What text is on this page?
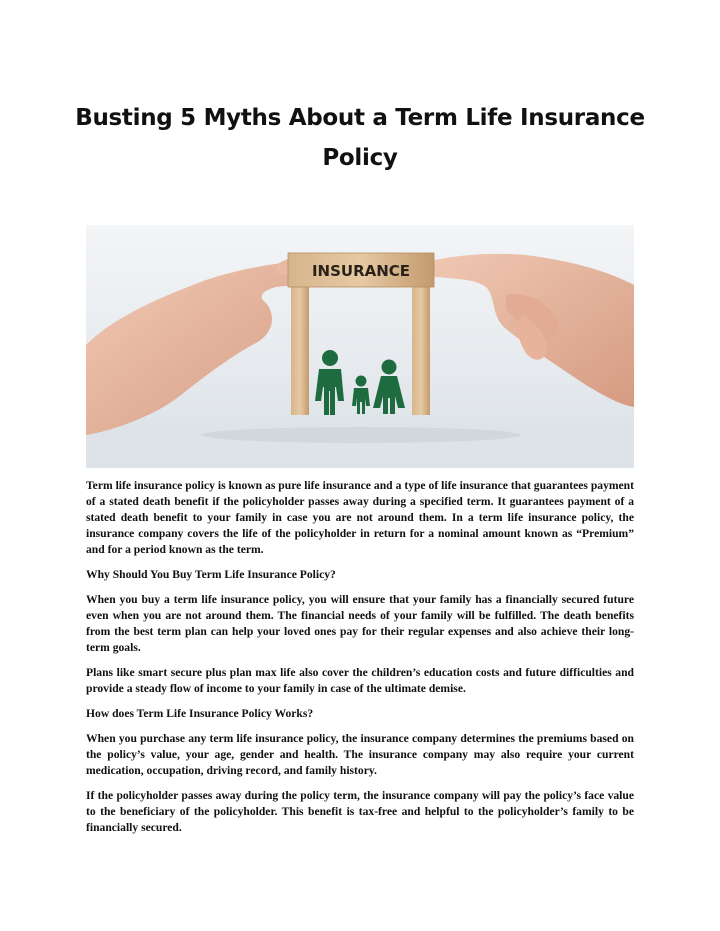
Busting 5 Myths About a Term Life Insurance Policy
INSURANCE

Term life insurance policy is known as pure life insurance and a type of life insurance that guarantees payment of a stated death benefit if the policyholder passes away during a specified term. It guarantees payment of a stated death benefit to your family in case you are not around them. In a term life insurance policy, the insurance company covers the life of the policyholder in return for a nominal amount known as “Premium” and for a period known as the term.

Why Should You Buy Term Life Insurance Policy?

When you buy a term life insurance policy, you will ensure that your family has a financially secured future even when you are not around them. The financial needs of your family will be fulfilled. The death benefits from the best term plan can help your loved ones pay for their regular expenses and also achieve their long-term goals.

Plans like smart secure plus plan max life also cover the children’s education costs and future difficulties and provide a steady flow of income to your family in case of the ultimate demise.

How does Term Life Insurance Policy Works?

When you purchase any term life insurance policy, the insurance company determines the premiums based on the policy’s value, your age, gender and health. The insurance company may also require your current medication, occupation, driving record, and family history.

If the policyholder passes away during the policy term, the insurance company will pay the policy’s face value to the beneficiary of the policyholder. This benefit is tax-free and helpful to the policyholder’s family to be financially secured.
